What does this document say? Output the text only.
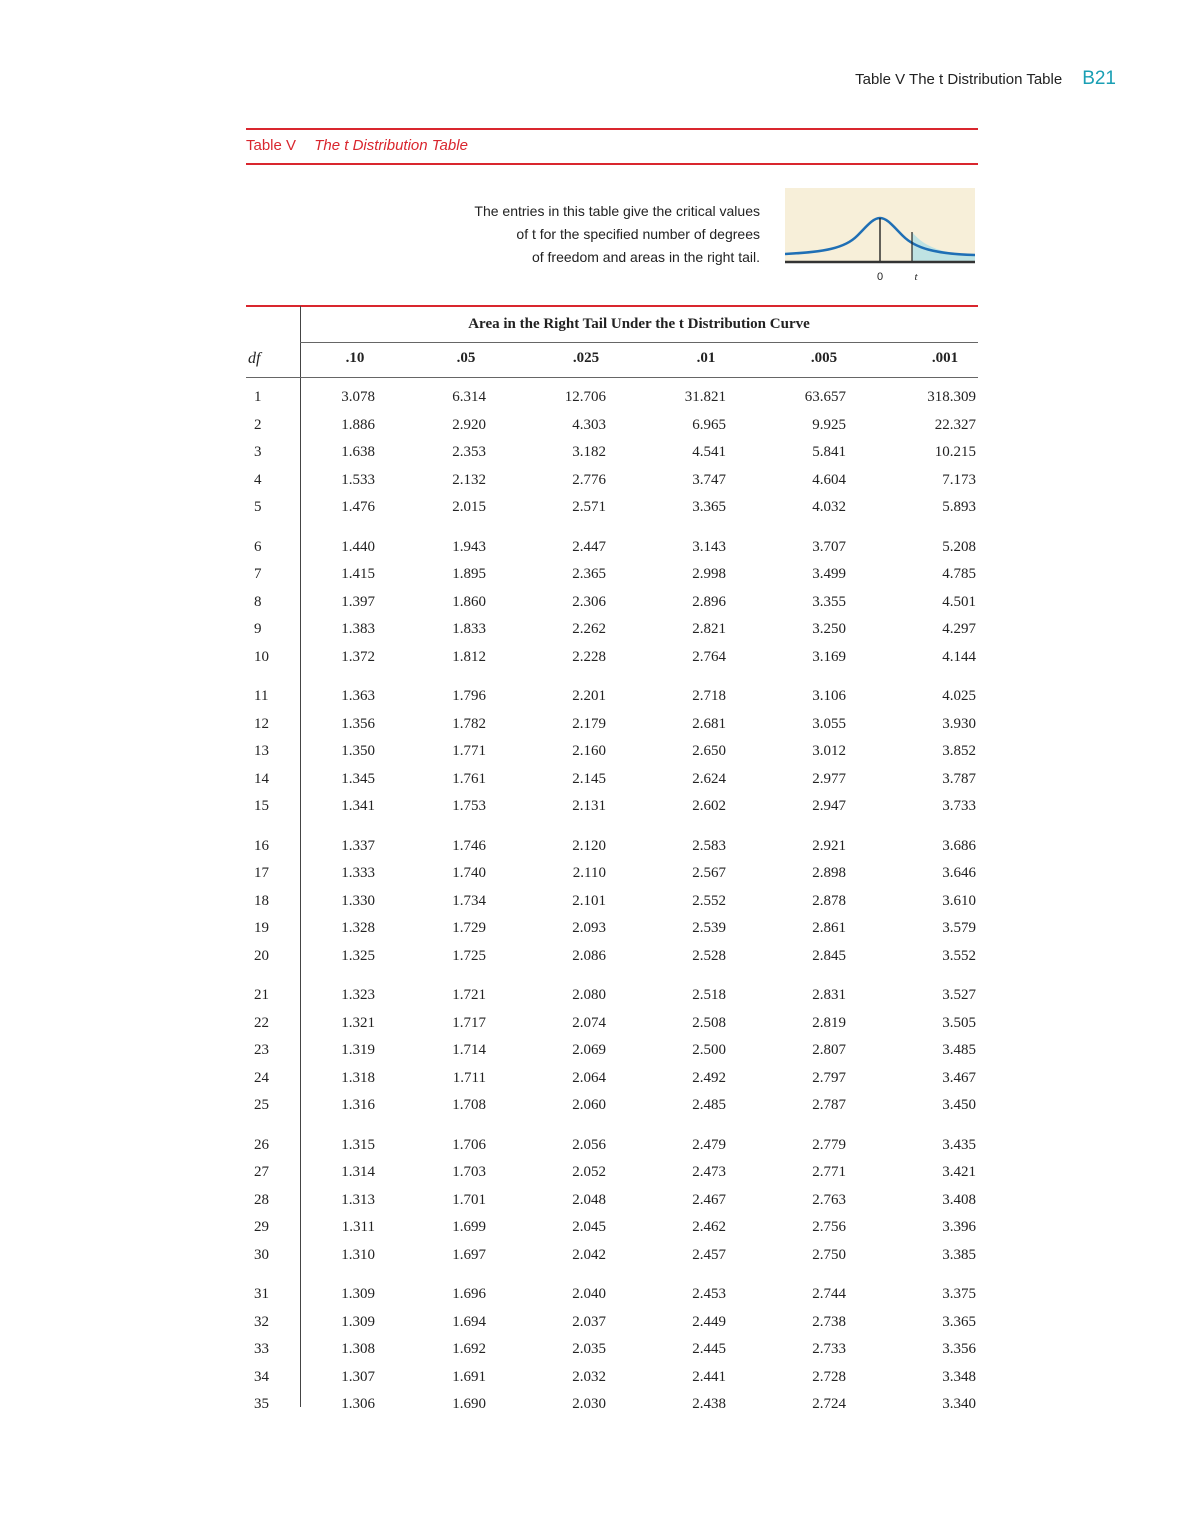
Table V The t Distribution Table B21
Table V The t Distribution Table
The entries in this table give the critical values
of t for the specified number of degrees
of freedom and areas in the right tail.
0	t
Area in the Right Tail Under the t Distribution Curve
df	.10	.05	.025	.01	.005	.001
1	3.078	6.314	12.706	31.821	63.657	318.309
2	1.886	2.920	4.303	6.965	9.925	22.327
3	1.638	2.353	3.182	4.541	5.841	10.215
4	1.533	2.132	2.776	3.747	4.604	7.173
5	1.476	2.015	2.571	3.365	4.032	5.893
6	1.440	1.943	2.447	3.143	3.707	5.208
7	1.415	1.895	2.365	2.998	3.499	4.785
8	1.397	1.860	2.306	2.896	3.355	4.501
9	1.383	1.833	2.262	2.821	3.250	4.297
10	1.372	1.812	2.228	2.764	3.169	4.144
11	1.363	1.796	2.201	2.718	3.106	4.025
12	1.356	1.782	2.179	2.681	3.055	3.930
13	1.350	1.771	2.160	2.650	3.012	3.852
14	1.345	1.761	2.145	2.624	2.977	3.787
15	1.341	1.753	2.131	2.602	2.947	3.733
16	1.337	1.746	2.120	2.583	2.921	3.686
17	1.333	1.740	2.110	2.567	2.898	3.646
18	1.330	1.734	2.101	2.552	2.878	3.610
19	1.328	1.729	2.093	2.539	2.861	3.579
20	1.325	1.725	2.086	2.528	2.845	3.552
21	1.323	1.721	2.080	2.518	2.831	3.527
22	1.321	1.717	2.074	2.508	2.819	3.505
23	1.319	1.714	2.069	2.500	2.807	3.485
24	1.318	1.711	2.064	2.492	2.797	3.467
25	1.316	1.708	2.060	2.485	2.787	3.450
26	1.315	1.706	2.056	2.479	2.779	3.435
27	1.314	1.703	2.052	2.473	2.771	3.421
28	1.313	1.701	2.048	2.467	2.763	3.408
29	1.311	1.699	2.045	2.462	2.756	3.396
30	1.310	1.697	2.042	2.457	2.750	3.385
31	1.309	1.696	2.040	2.453	2.744	3.375
32	1.309	1.694	2.037	2.449	2.738	3.365
33	1.308	1.692	2.035	2.445	2.733	3.356
34	1.307	1.691	2.032	2.441	2.728	3.348
35	1.306	1.690	2.030	2.438	2.724	3.340
